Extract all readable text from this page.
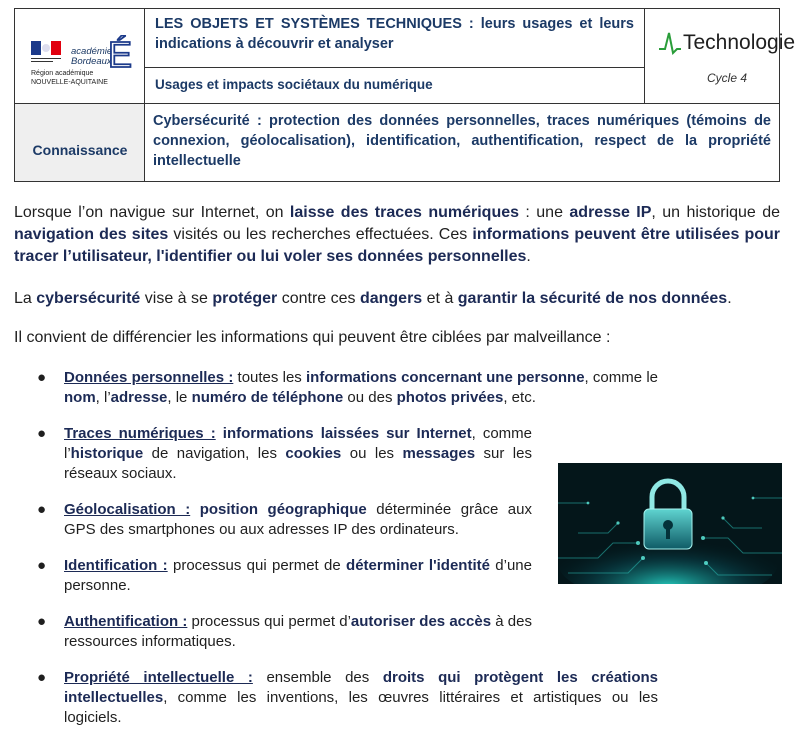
académie
Bordeaux
É
Région académique
NOUVELLE-AQUITAINE
LES OBJETS ET SYSTÈMES TECHNIQUES : leurs usages et leurs indications à découvrir et analyser
Usages et impacts sociétaux du numérique
Technologie
Cycle 4
Connaissance
Cybersécurité : protection des données personnelles, traces numériques (témoins de connexion, géolocalisation), identification, authentification, respect de la propriété intellectuelle
Lorsque l’on navigue sur Internet, on laisse des traces numériques : une adresse IP, un historique de navigation des sites visités ou les recherches effectuées. Ces informations peuvent être utilisées pour tracer l’utilisateur, l'identifier ou lui voler ses données personnelles.
La cybersécurité vise à se protéger contre ces dangers et à garantir la sécurité de nos données.
Il convient de différencier les informations qui peuvent être ciblées par malveillance :
● Données personnelles : toutes les informations concernant une personne, comme le nom, l’adresse, le numéro de téléphone ou des photos privées, etc.
● Traces numériques : informations laissées sur Internet, comme l’historique de navigation, les cookies ou les messages sur les réseaux sociaux.
● Géolocalisation : position géographique déterminée grâce aux GPS des smartphones ou aux adresses IP des ordinateurs.
● Identification : processus qui permet de déterminer l'identité d’une personne.
● Authentification : processus qui permet d’autoriser des accès à des ressources informatiques.
● Propriété intellectuelle : ensemble des droits qui protègent les créations intellectuelles, comme les inventions, les œuvres littéraires et artistiques ou les logiciels.
